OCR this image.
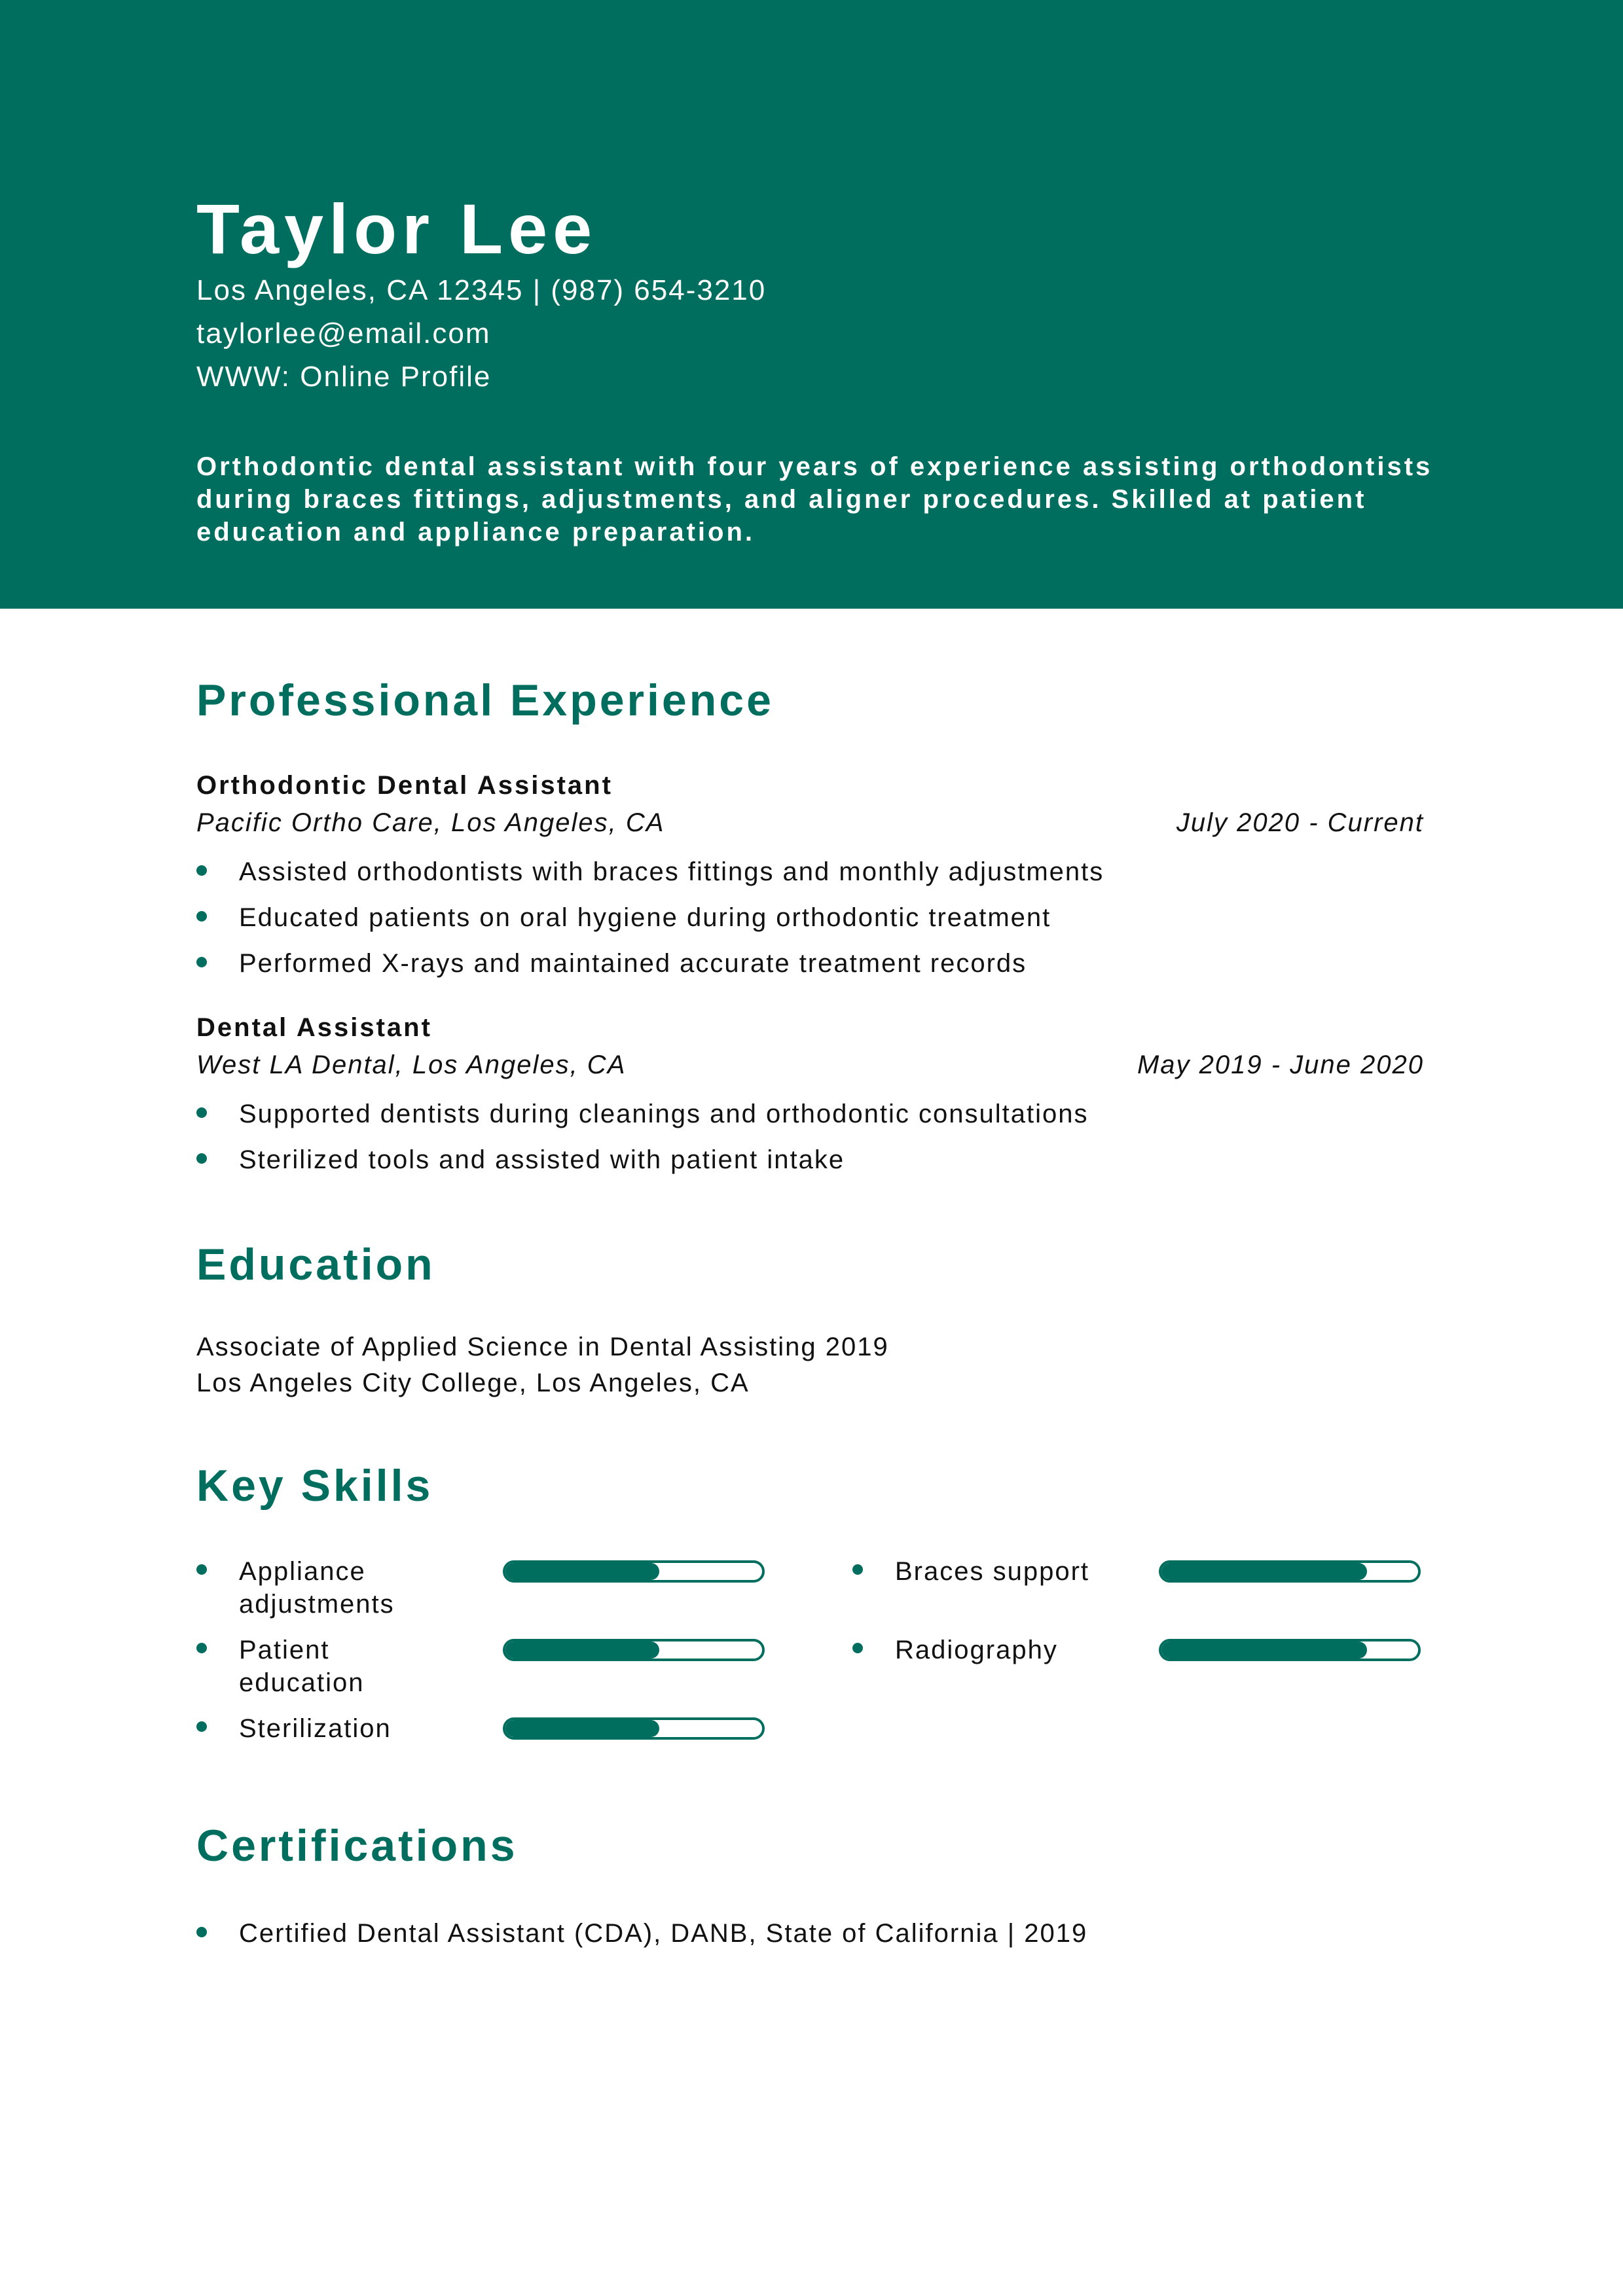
Taylor Lee
Los Angeles, CA 12345 | (987) 654-3210
taylorlee@email.com
WWW: Online Profile
Orthodontic dental assistant with four years of experience assisting orthodontists during braces fittings, adjustments, and aligner procedures. Skilled at patient education and appliance preparation.
Professional Experience
Orthodontic Dental Assistant
Pacific Ortho Care, Los Angeles, CA	July 2020 - Current
Assisted orthodontists with braces fittings and monthly adjustments
Educated patients on oral hygiene during orthodontic treatment
Performed X-rays and maintained accurate treatment records
Dental Assistant
West LA Dental, Los Angeles, CA	May 2019 - June 2020
Supported dentists during cleanings and orthodontic consultations
Sterilized tools and assisted with patient intake
Education
Associate of Applied Science in Dental Assisting 2019
Los Angeles City College, Los Angeles, CA
Key Skills
Appliance adjustments
Braces support
Patient education
Radiography
Sterilization
Certifications
Certified Dental Assistant (CDA), DANB, State of California | 2019
